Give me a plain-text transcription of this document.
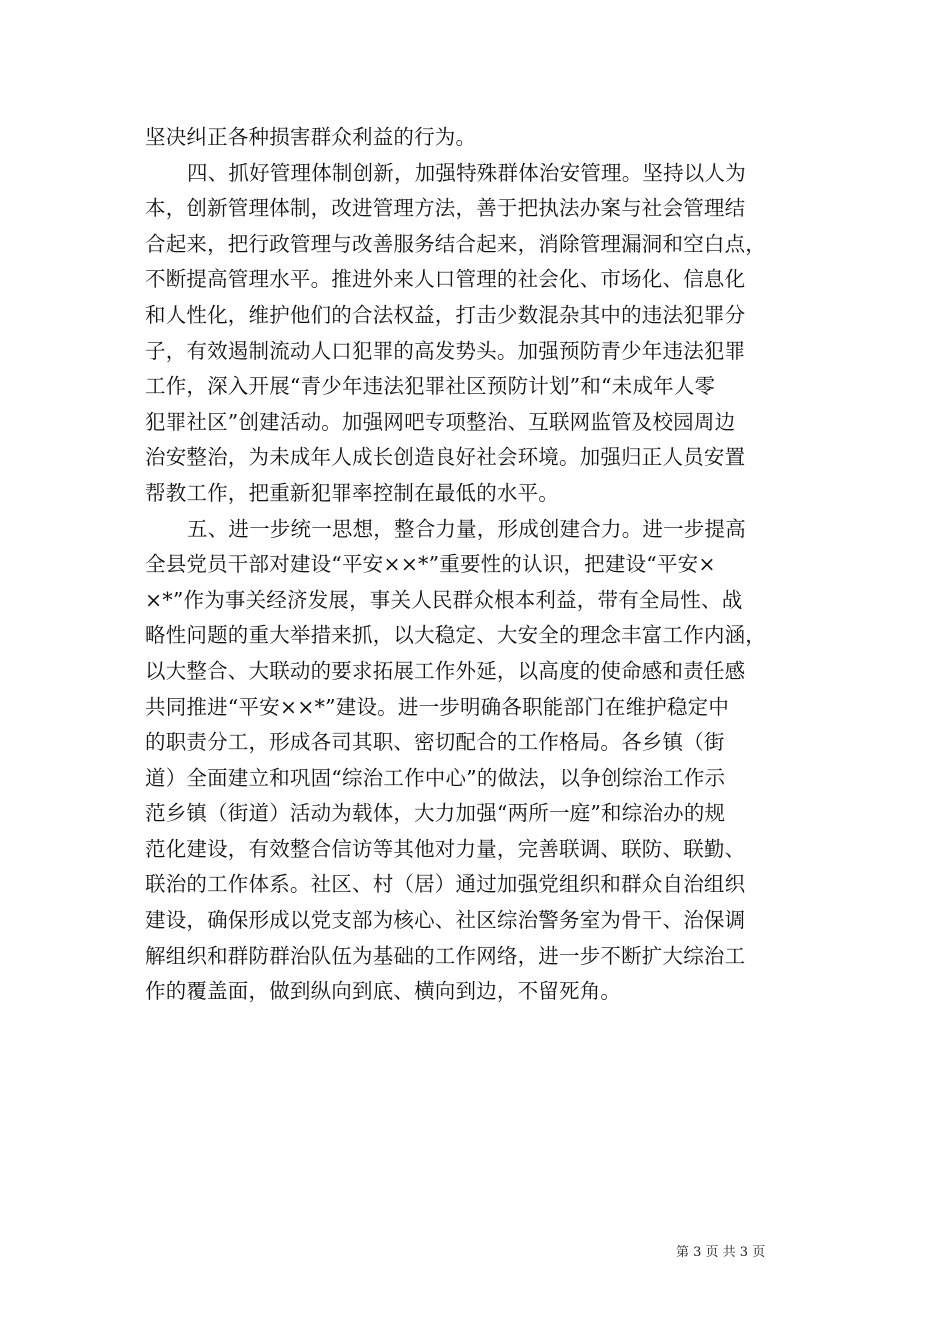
坚决纠正各种损害群众利益的行为。

四、抓好管理体制创新，加强特殊群体治安管理。坚持以人为
本，创新管理体制，改进管理方法，善于把执法办案与社会管理结
合起来，把行政管理与改善服务结合起来，消除管理漏洞和空白点，
不断提高管理水平。推进外来人口管理的社会化、市场化、信息化
和人性化，维护他们的合法权益，打击少数混杂其中的违法犯罪分
子，有效遏制流动人口犯罪的高发势头。加强预防青少年违法犯罪
工作，深入开展“青少年违法犯罪社区预防计划”和“未成年人零
犯罪社区”创建活动。加强网吧专项整治、互联网监管及校园周边
治安整治，为未成年人成长创造良好社会环境。加强归正人员安置
帮教工作，把重新犯罪率控制在最低的水平。

五、进一步统一思想，整合力量，形成创建合力。进一步提高
全县党员干部对建设“平安××*”重要性的认识，把建设“平安×
×*”作为事关经济发展，事关人民群众根本利益，带有全局性、战
略性问题的重大举措来抓，以大稳定、大安全的理念丰富工作内涵，
以大整合、大联动的要求拓展工作外延，以高度的使命感和责任感
共同推进“平安××*”建设。进一步明确各职能部门在维护稳定中
的职责分工，形成各司其职、密切配合的工作格局。各乡镇（街
道）全面建立和巩固“综治工作中心”的做法，以争创综治工作示
范乡镇（街道）活动为载体，大力加强“两所一庭”和综治办的规
范化建设，有效整合信访等其他对力量，完善联调、联防、联勤、
联治的工作体系。社区、村（居）通过加强党组织和群众自治组织
建设，确保形成以党支部为核心、社区综治警务室为骨干、治保调
解组织和群防群治队伍为基础的工作网络，进一步不断扩大综治工
作的覆盖面，做到纵向到底、横向到边，不留死角。

第 3 页 共 3 页
